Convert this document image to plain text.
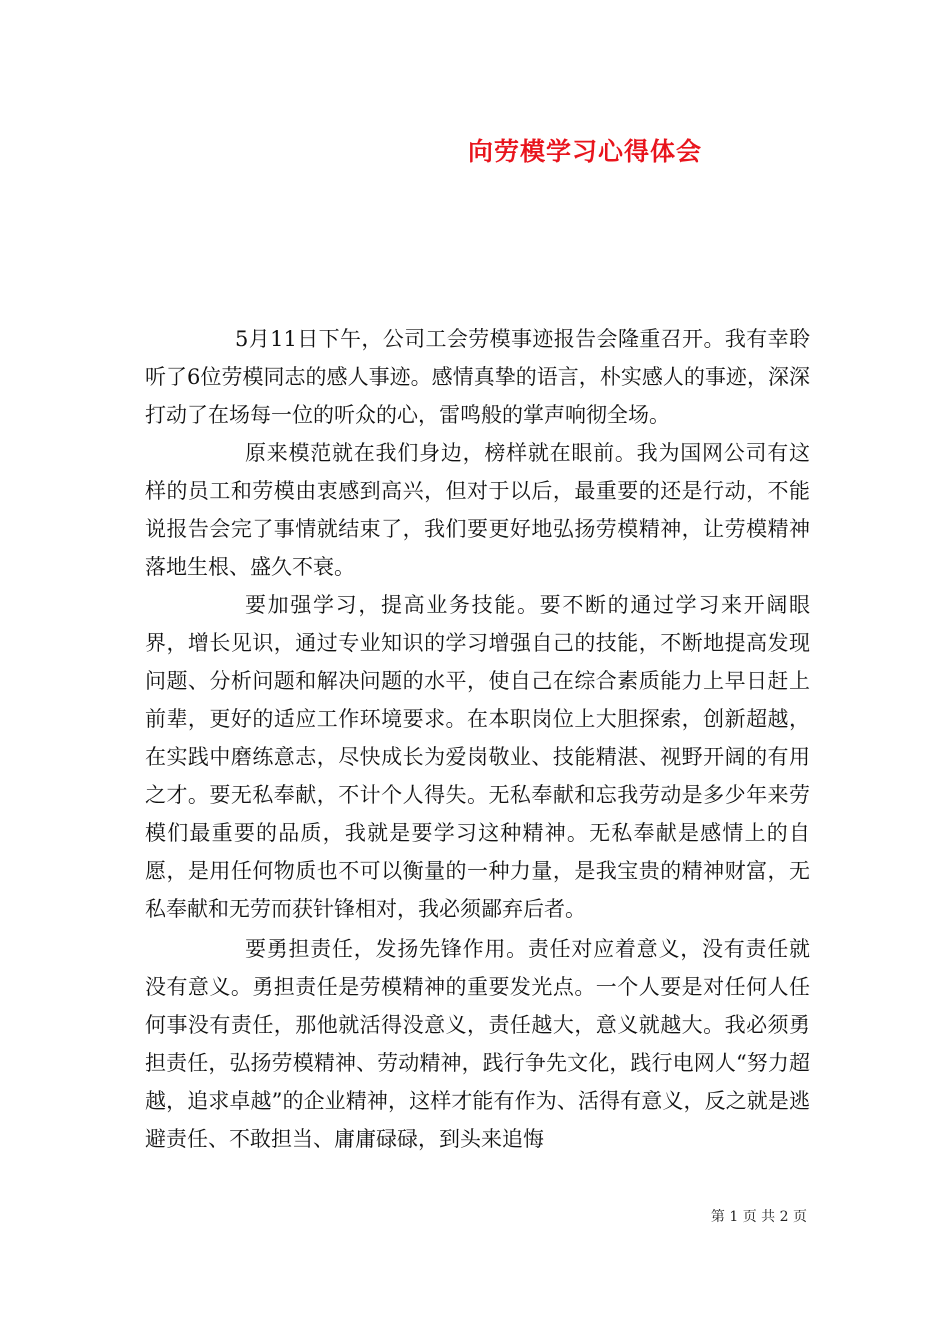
向劳模学习心得体会

5月11日下午，公司工会劳模事迹报告会隆重召开。我有幸聆听了6位劳模同志的感人事迹。感情真挚的语言，朴实感人的事迹，深深打动了在场每一位的听众的心，雷鸣般的掌声响彻全场。

原来模范就在我们身边，榜样就在眼前。我为国网公司有这样的员工和劳模由衷感到高兴，但对于以后，最重要的还是行动，不能说报告会完了事情就结束了，我们要更好地弘扬劳模精神，让劳模精神落地生根、盛久不衰。

要加强学习，提高业务技能。要不断的通过学习来开阔眼界，增长见识，通过专业知识的学习增强自己的技能，不断地提高发现问题、分析问题和解决问题的水平，使自己在综合素质能力上早日赶上前辈，更好的适应工作环境要求。在本职岗位上大胆探索，创新超越，在实践中磨练意志，尽快成长为爱岗敬业、技能精湛、视野开阔的有用之才。要无私奉献，不计个人得失。无私奉献和忘我劳动是多少年来劳模们最重要的品质，我就是要学习这种精神。无私奉献是感情上的自愿，是用任何物质也不可以衡量的一种力量，是我宝贵的精神财富，无私奉献和无劳而获针锋相对，我必须鄙弃后者。

要勇担责任，发扬先锋作用。责任对应着意义，没有责任就没有意义。勇担责任是劳模精神的重要发光点。一个人要是对任何人任何事没有责任，那他就活得没意义，责任越大，意义就越大。我必须勇担责任，弘扬劳模精神、劳动精神，践行争先文化，践行电网人“努力超越，追求卓越”的企业精神，这样才能有作为、活得有意义，反之就是逃避责任、不敢担当、庸庸碌碌，到头来追悔

第 1 页 共 2 页
